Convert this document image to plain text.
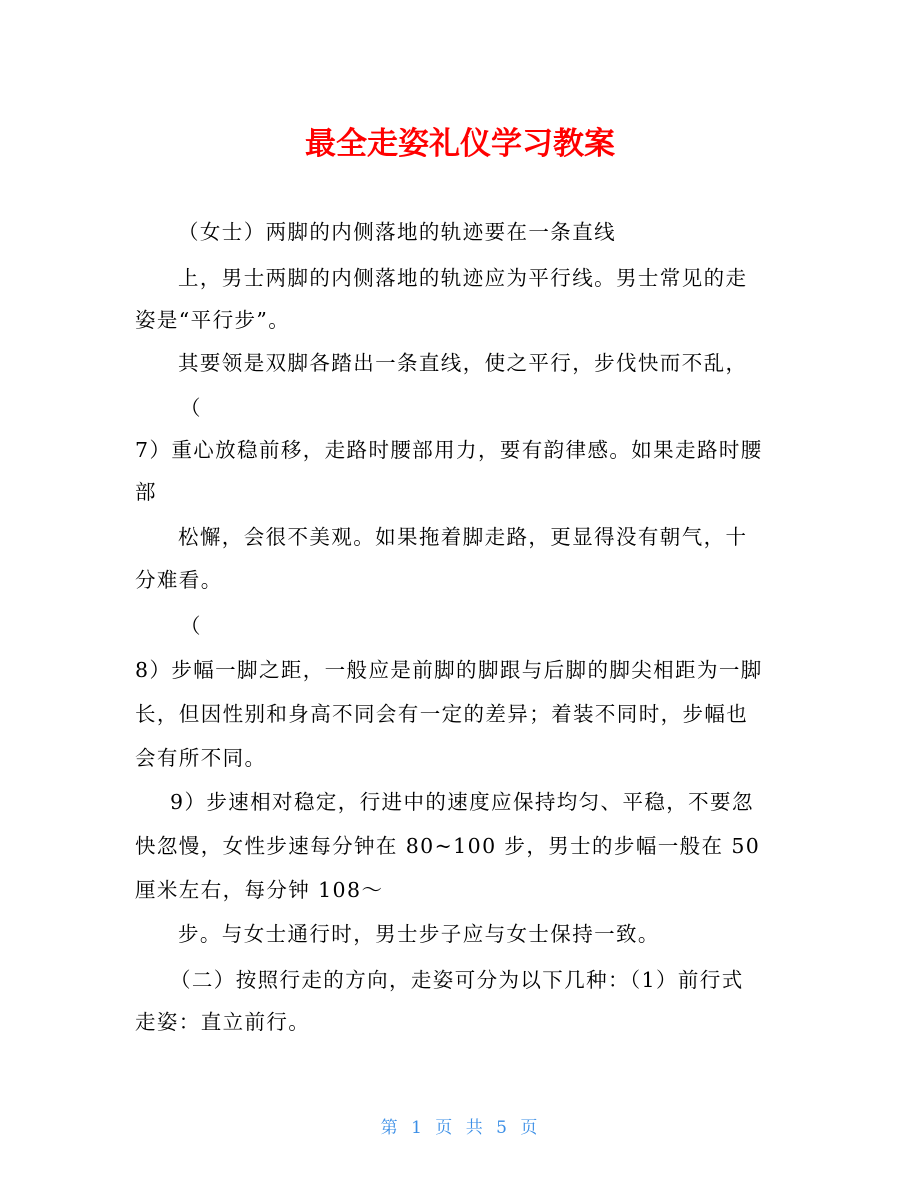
最全走姿礼仪学习教案
（女士）两脚的内侧落地的轨迹要在一条直线
上，男士两脚的内侧落地的轨迹应为平行线。男士常见的走
姿是“平行步”。
其要领是双脚各踏出一条直线，使之平行，步伐快而不乱，
（
7）重心放稳前移，走路时腰部用力，要有韵律感。如果走路时腰
部
松懈，会很不美观。如果拖着脚走路，更显得没有朝气，十
分难看。
（
8）步幅一脚之距，一般应是前脚的脚跟与后脚的脚尖相距为一脚
长，但因性别和身高不同会有一定的差异；着装不同时，步幅也
会有所不同。
9）步速相对稳定，行进中的速度应保持均匀、平稳，不要忽
快忽慢，女性步速每分钟在 80~100 步，男士的步幅一般在 50
厘米左右，每分钟 108～
步。与女士通行时，男士步子应与女士保持一致。
（二）按照行走的方向，走姿可分为以下几种：（1）前行式
走姿：直立前行。
第 1 页 共 5 页
